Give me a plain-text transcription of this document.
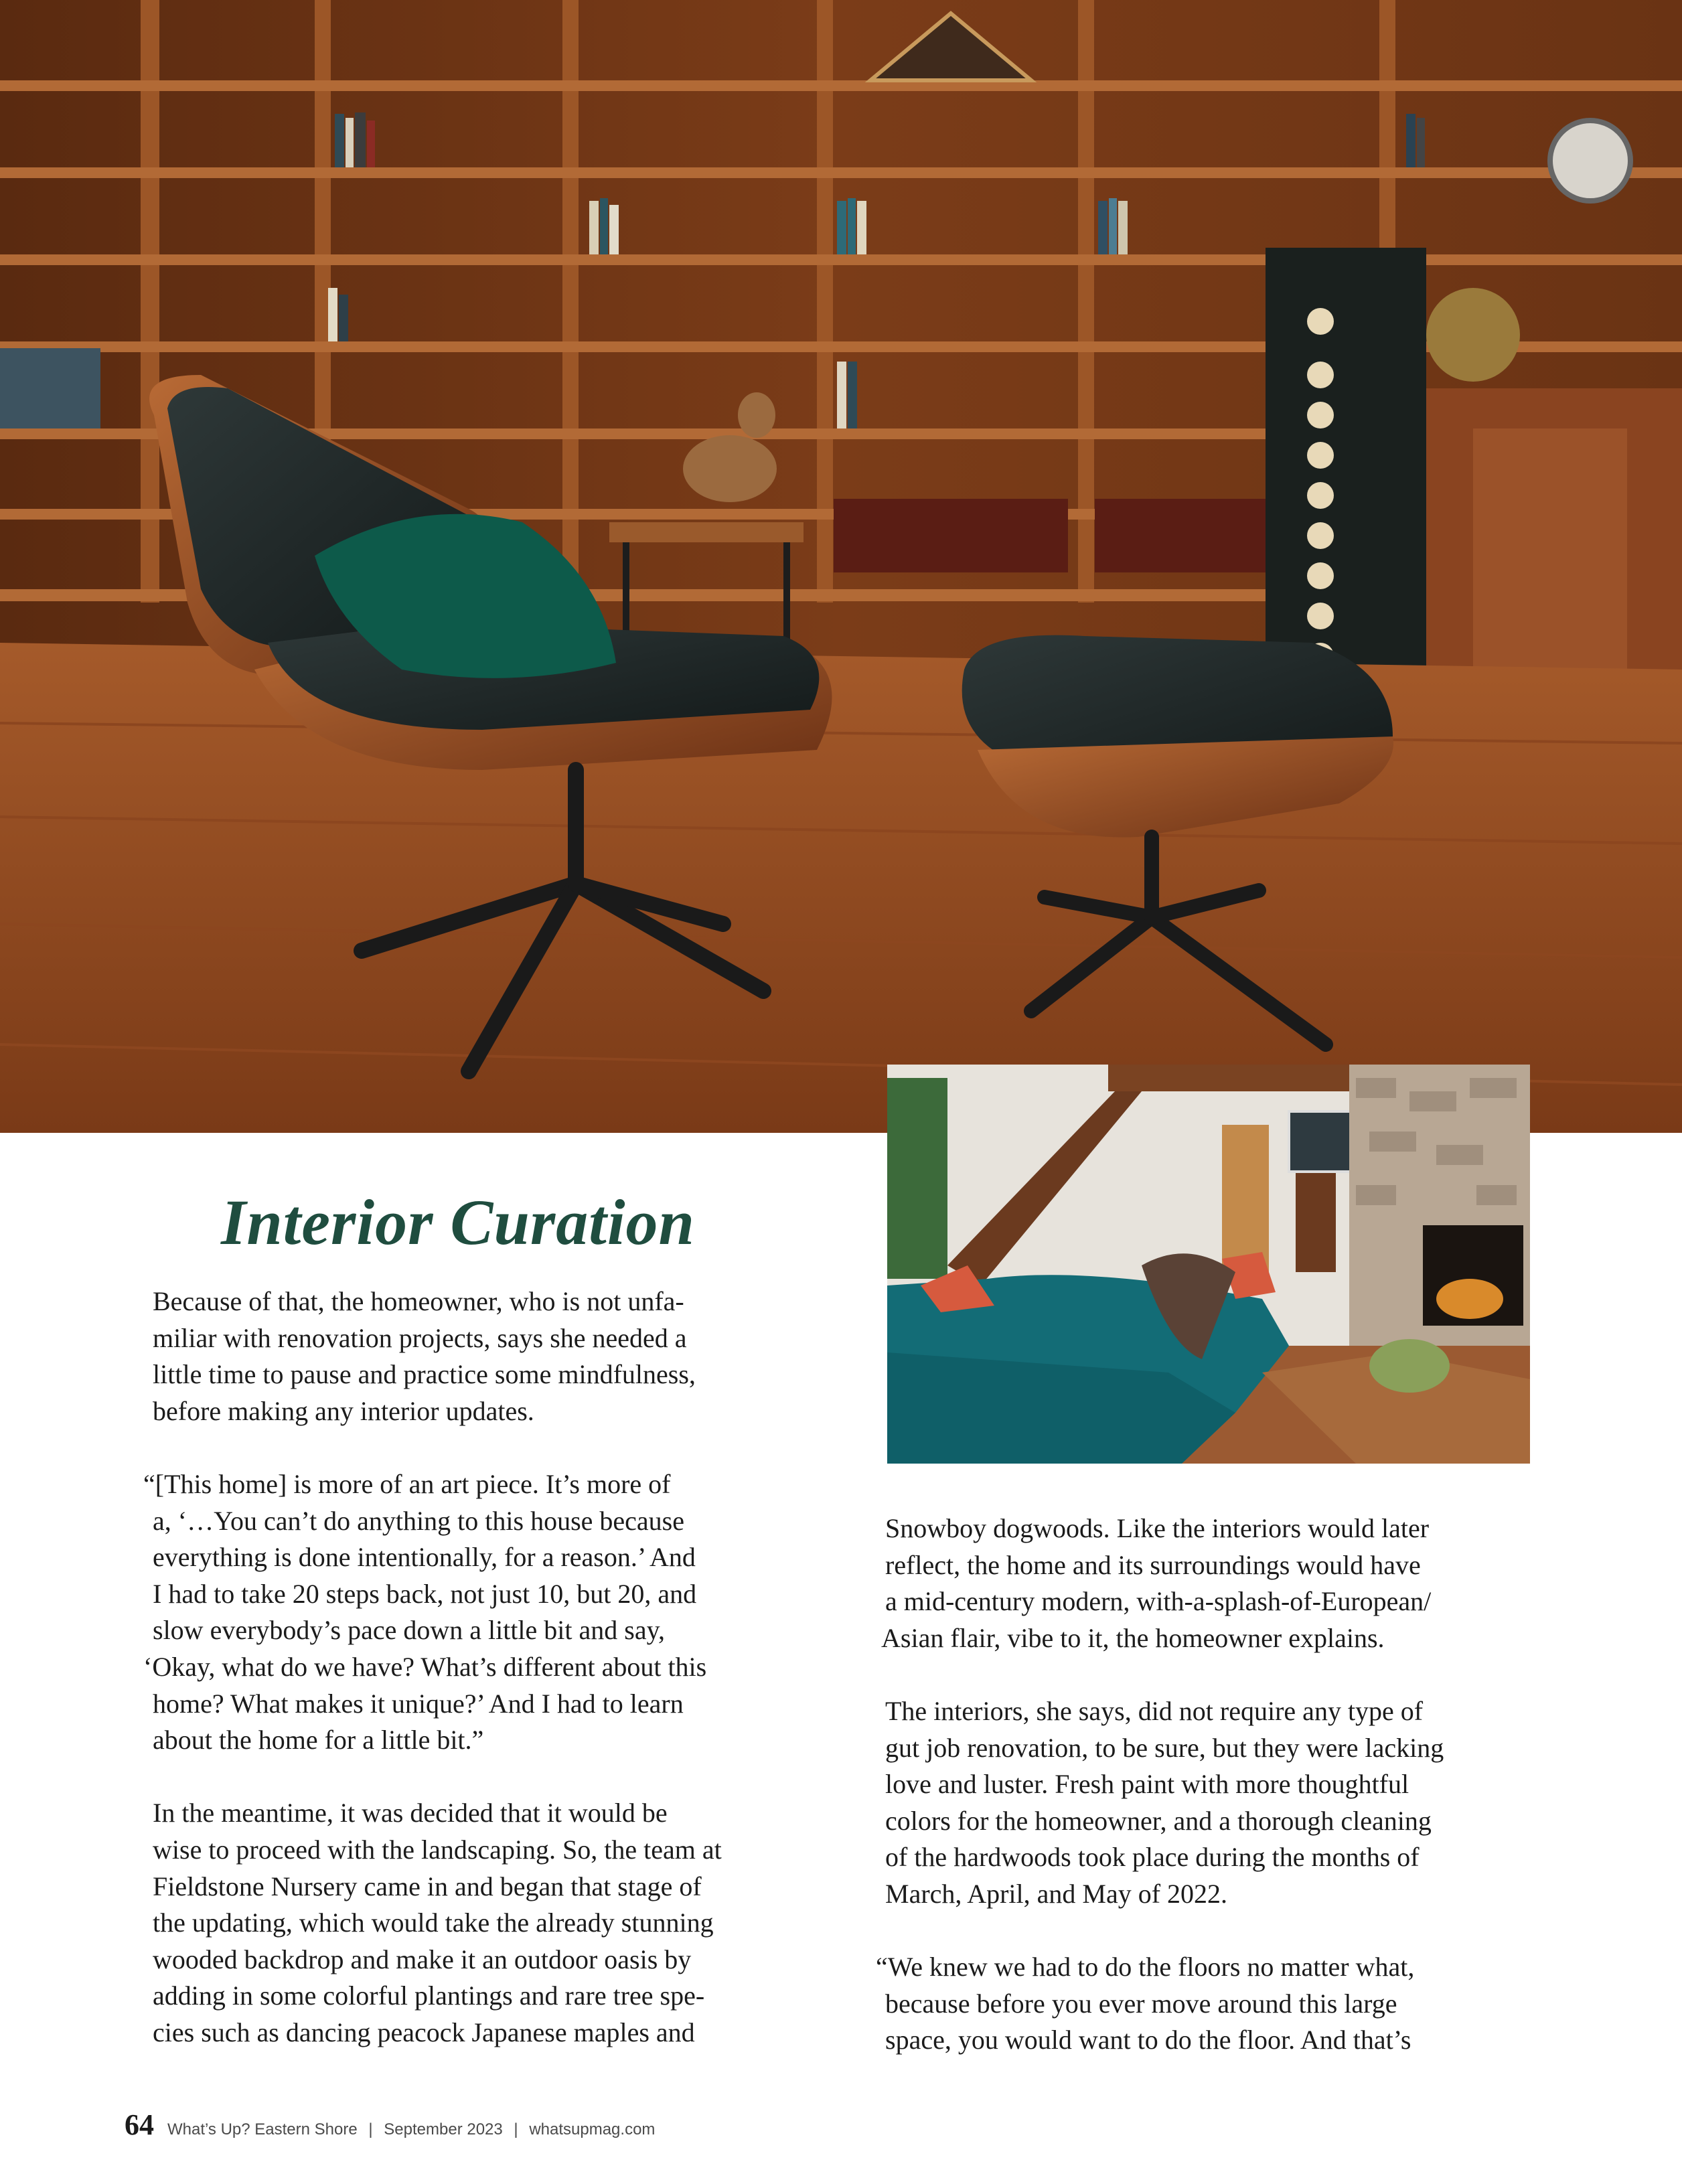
Interior Curation

Because of that, the homeowner, who is not unfa-
miliar with renovation projects, says she needed a
little time to pause and practice some mindfulness,
before making any interior updates.

“[This home] is more of an art piece. It’s more of
a, ‘…You can’t do anything to this house because
everything is done intentionally, for a reason.’ And
I had to take 20 steps back, not just 10, but 20, and
slow everybody’s pace down a little bit and say,
‘Okay, what do we have? What’s different about this
home? What makes it unique?’ And I had to learn
about the home for a little bit.”

In the meantime, it was decided that it would be
wise to proceed with the landscaping. So, the team at
Fieldstone Nursery came in and began that stage of
the updating, which would take the already stunning
wooded backdrop and make it an outdoor oasis by
adding in some colorful plantings and rare tree spe-
cies such as dancing peacock Japanese maples and

Snowboy dogwoods. Like the interiors would later
reflect, the home and its surroundings would have
a mid-century modern, with-a-splash-of-European/
Asian flair, vibe to it, the homeowner explains.

The interiors, she says, did not require any type of
gut job renovation, to be sure, but they were lacking
love and luster. Fresh paint with more thoughtful
colors for the homeowner, and a thorough cleaning
of the hardwoods took place during the months of
March, April, and May of 2022.

“We knew we had to do the floors no matter what,
because before you ever move around this large
space, you would want to do the floor. And that’s

64 What’s Up? Eastern Shore | September 2023 | whatsupmag.com
